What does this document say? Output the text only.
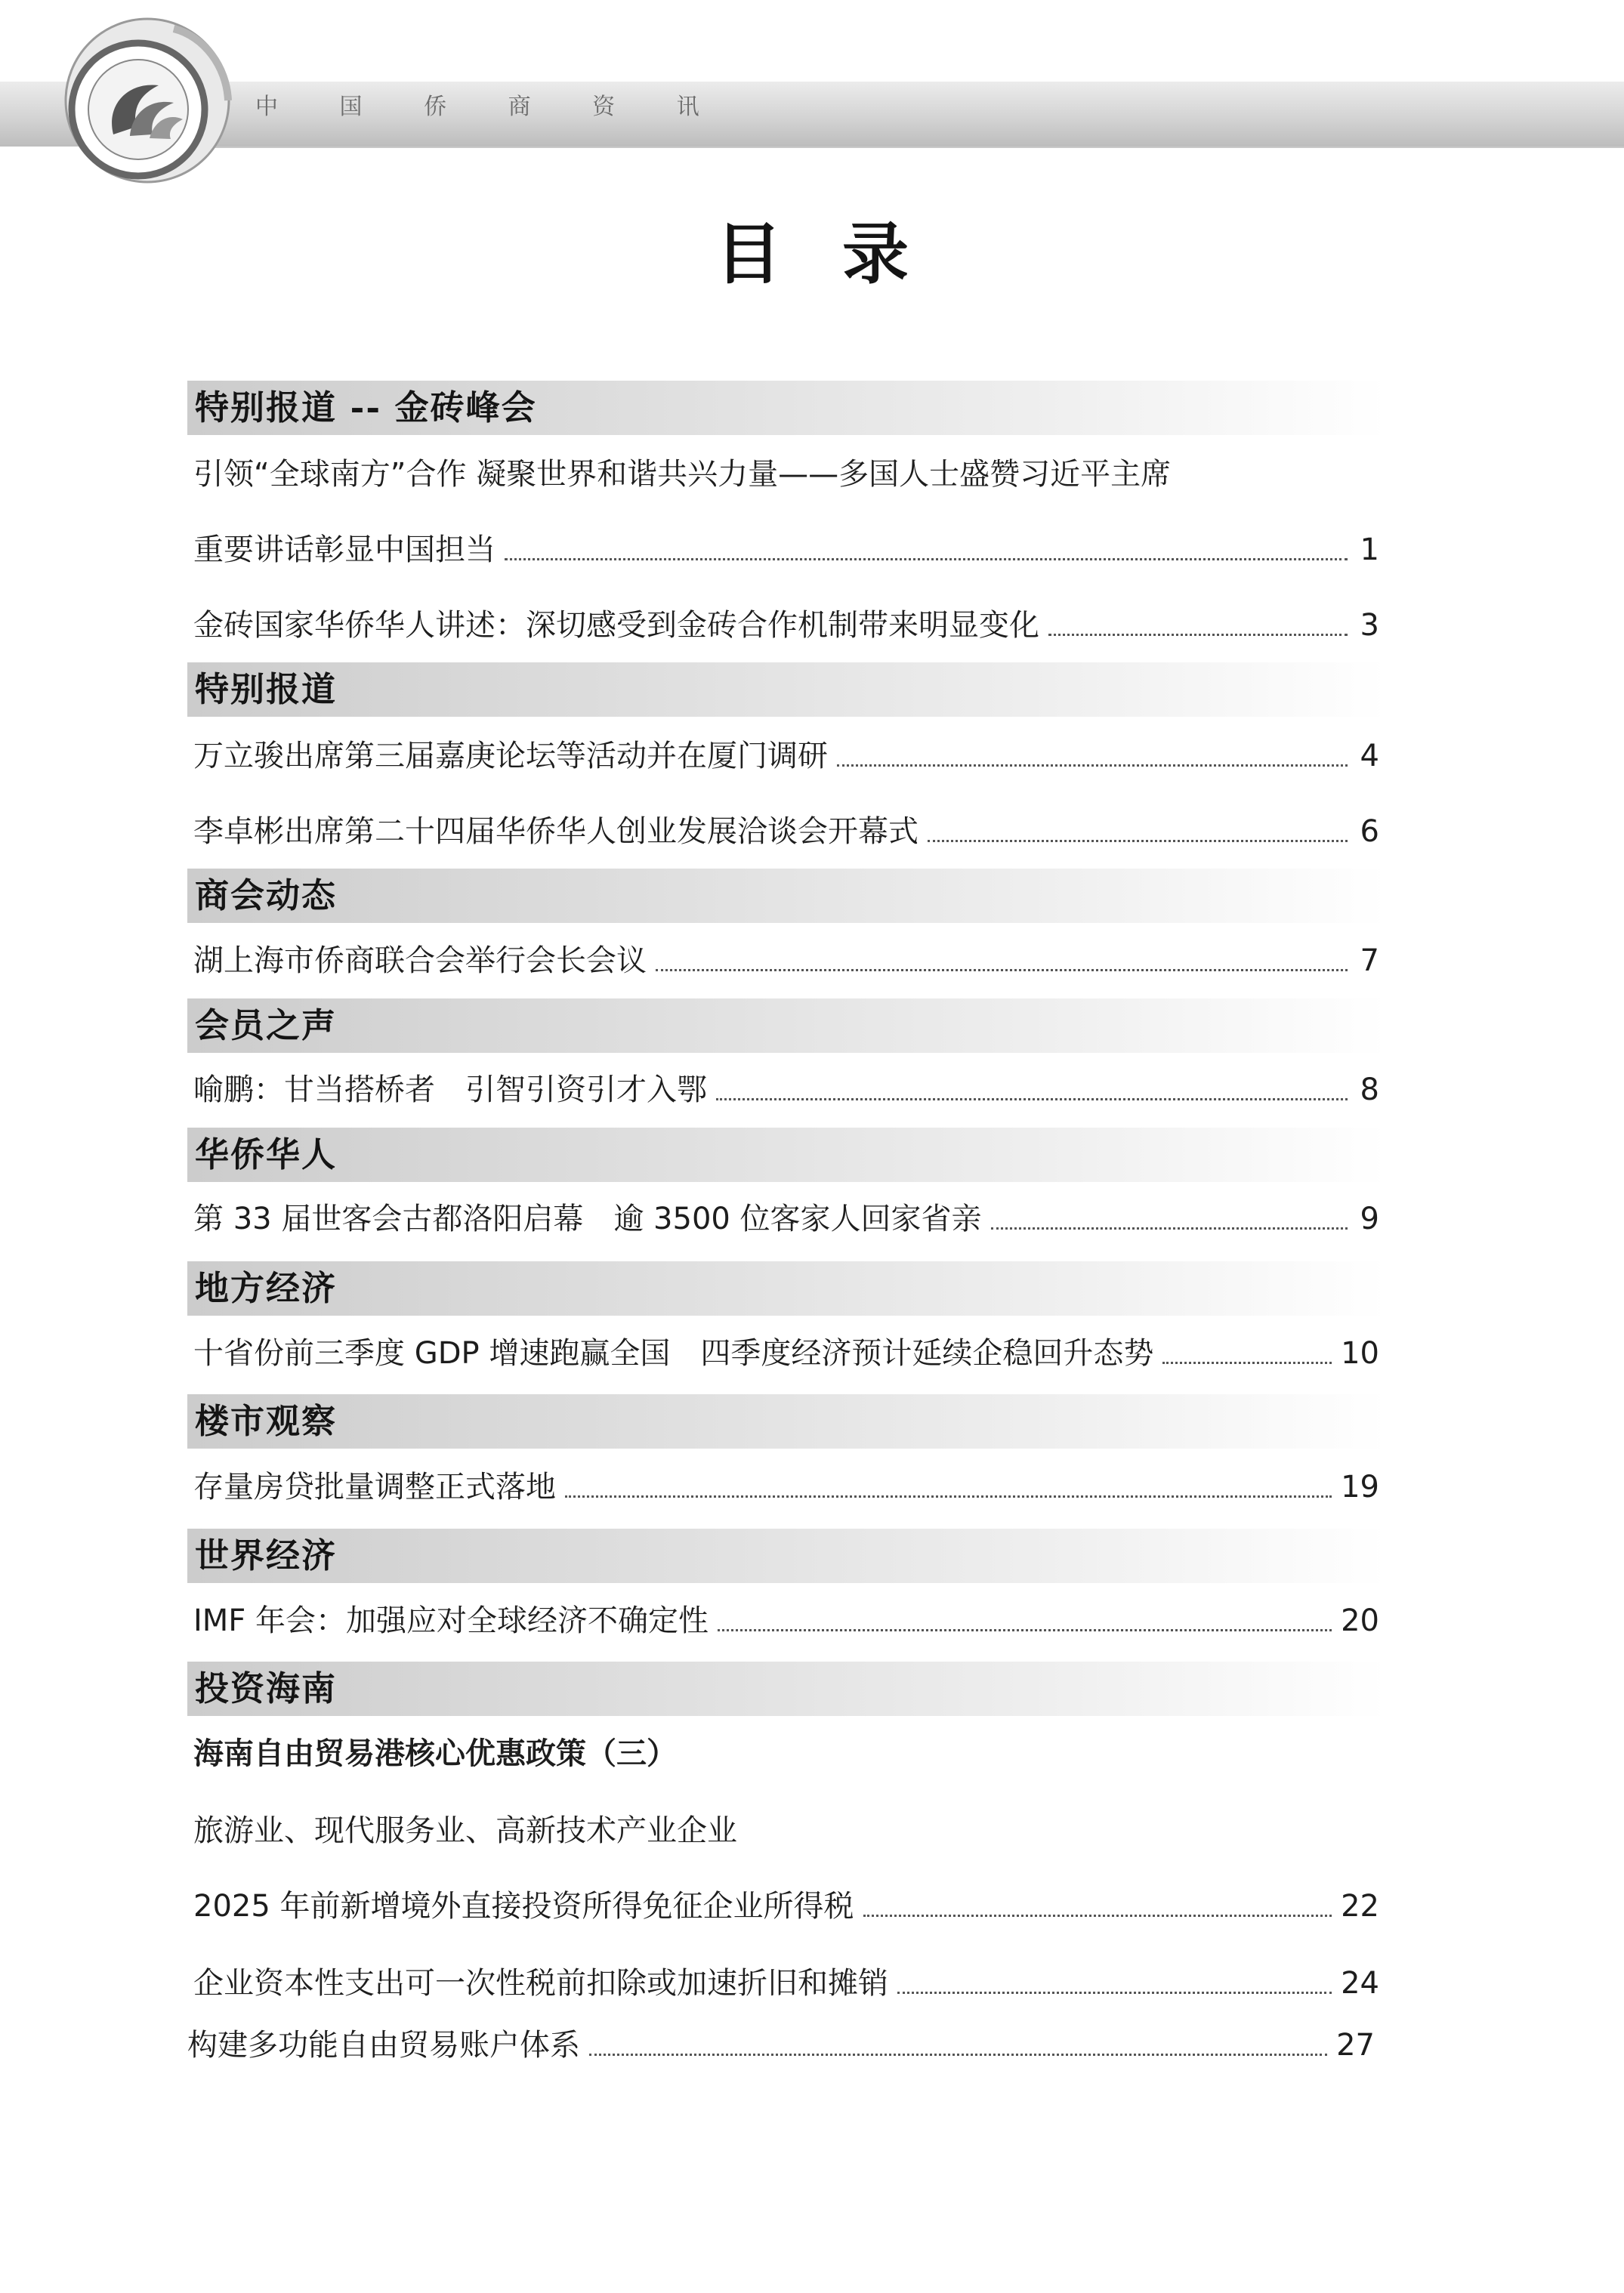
中 国 侨 商 资 讯
目录
特别报道 -- 金砖峰会
引领“全球南方”合作 凝聚世界和谐共兴力量——多国人士盛赞习近平主席
重要讲话彰显中国担当	1
金砖国家华侨华人讲述：深切感受到金砖合作机制带来明显变化	3
特别报道
万立骏出席第三届嘉庚论坛等活动并在厦门调研	4
李卓彬出席第二十四届华侨华人创业发展洽谈会开幕式	6
商会动态
湖上海市侨商联合会举行会长会议	7
会员之声
喻鹏：甘当搭桥者　引智引资引才入鄂	8
华侨华人
第 33 届世客会古都洛阳启幕　逾 3500 位客家人回家省亲	9
地方经济
十省份前三季度 GDP 增速跑赢全国　四季度经济预计延续企稳回升态势	10
楼市观察
存量房贷批量调整正式落地	19
世界经济
IMF 年会：加强应对全球经济不确定性	20
投资海南
海南自由贸易港核心优惠政策（三）
旅游业、现代服务业、高新技术产业企业
2025 年前新增境外直接投资所得免征企业所得税	22
企业资本性支出可一次性税前扣除或加速折旧和摊销	24
构建多功能自由贸易账户体系	27
